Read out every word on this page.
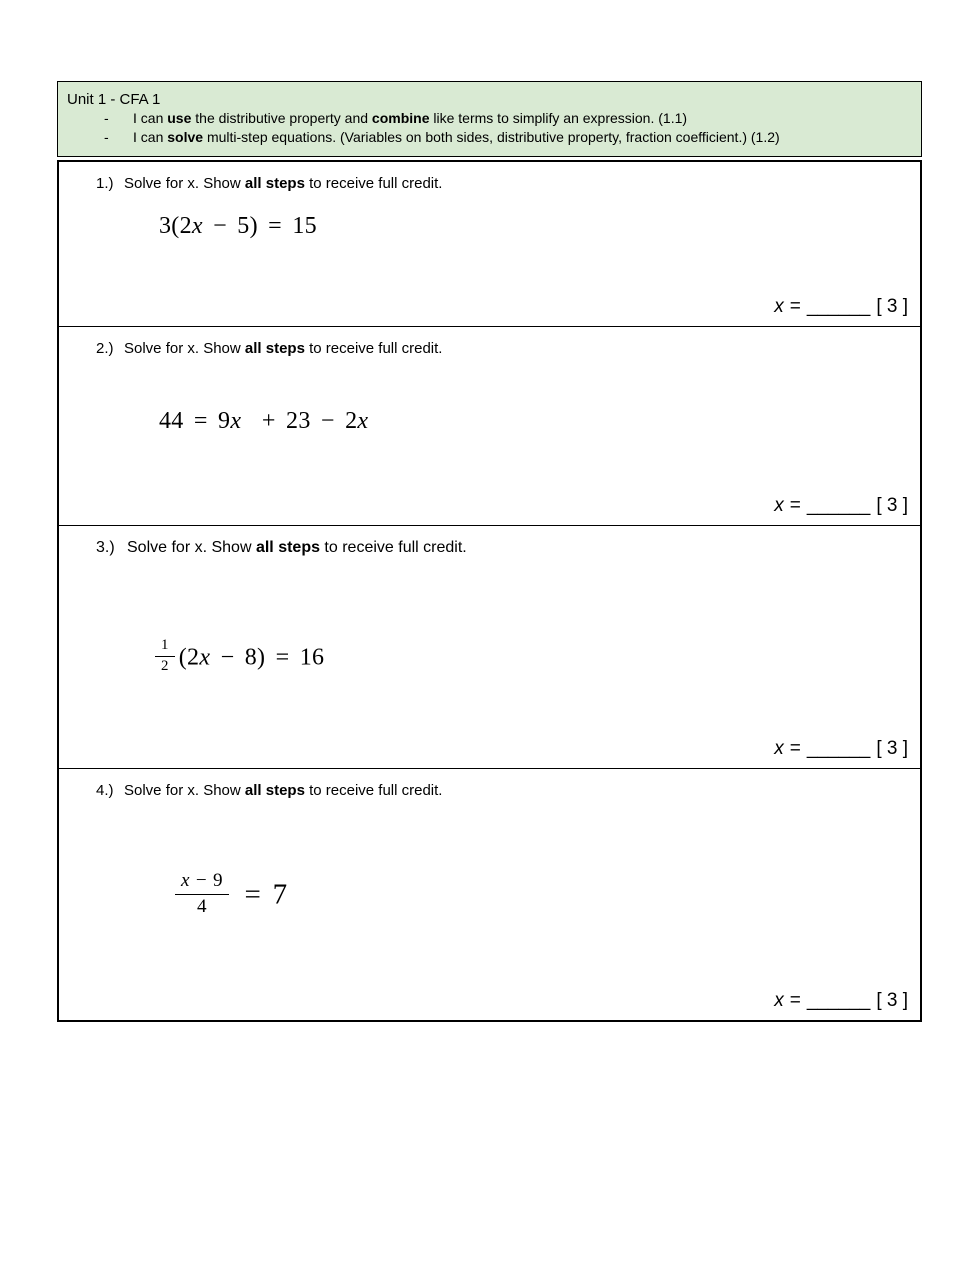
Unit 1 - CFA 1
-	I can use the distributive property and combine like terms to simplify an expression. (1.1)
-	I can solve multi-step equations. (Variables on both sides, distributive property, fraction coefficient.) (1.2)
1.) Solve for x. Show all steps to receive full credit.
3(2x − 5) = 15
x = ______ [ 3 ]
2.) Solve for x. Show all steps to receive full credit.
44 = 9x  + 23 − 2x
x = ______ [ 3 ]
3.) Solve for x. Show all steps to receive full credit.
$\frac{1}{2} (2x - 8) = 16$
x = ______ [ 3 ]
4.) Solve for x. Show all steps to receive full credit.
$\frac{x - 9}{4} = 7$
x = ______ [ 3 ]
